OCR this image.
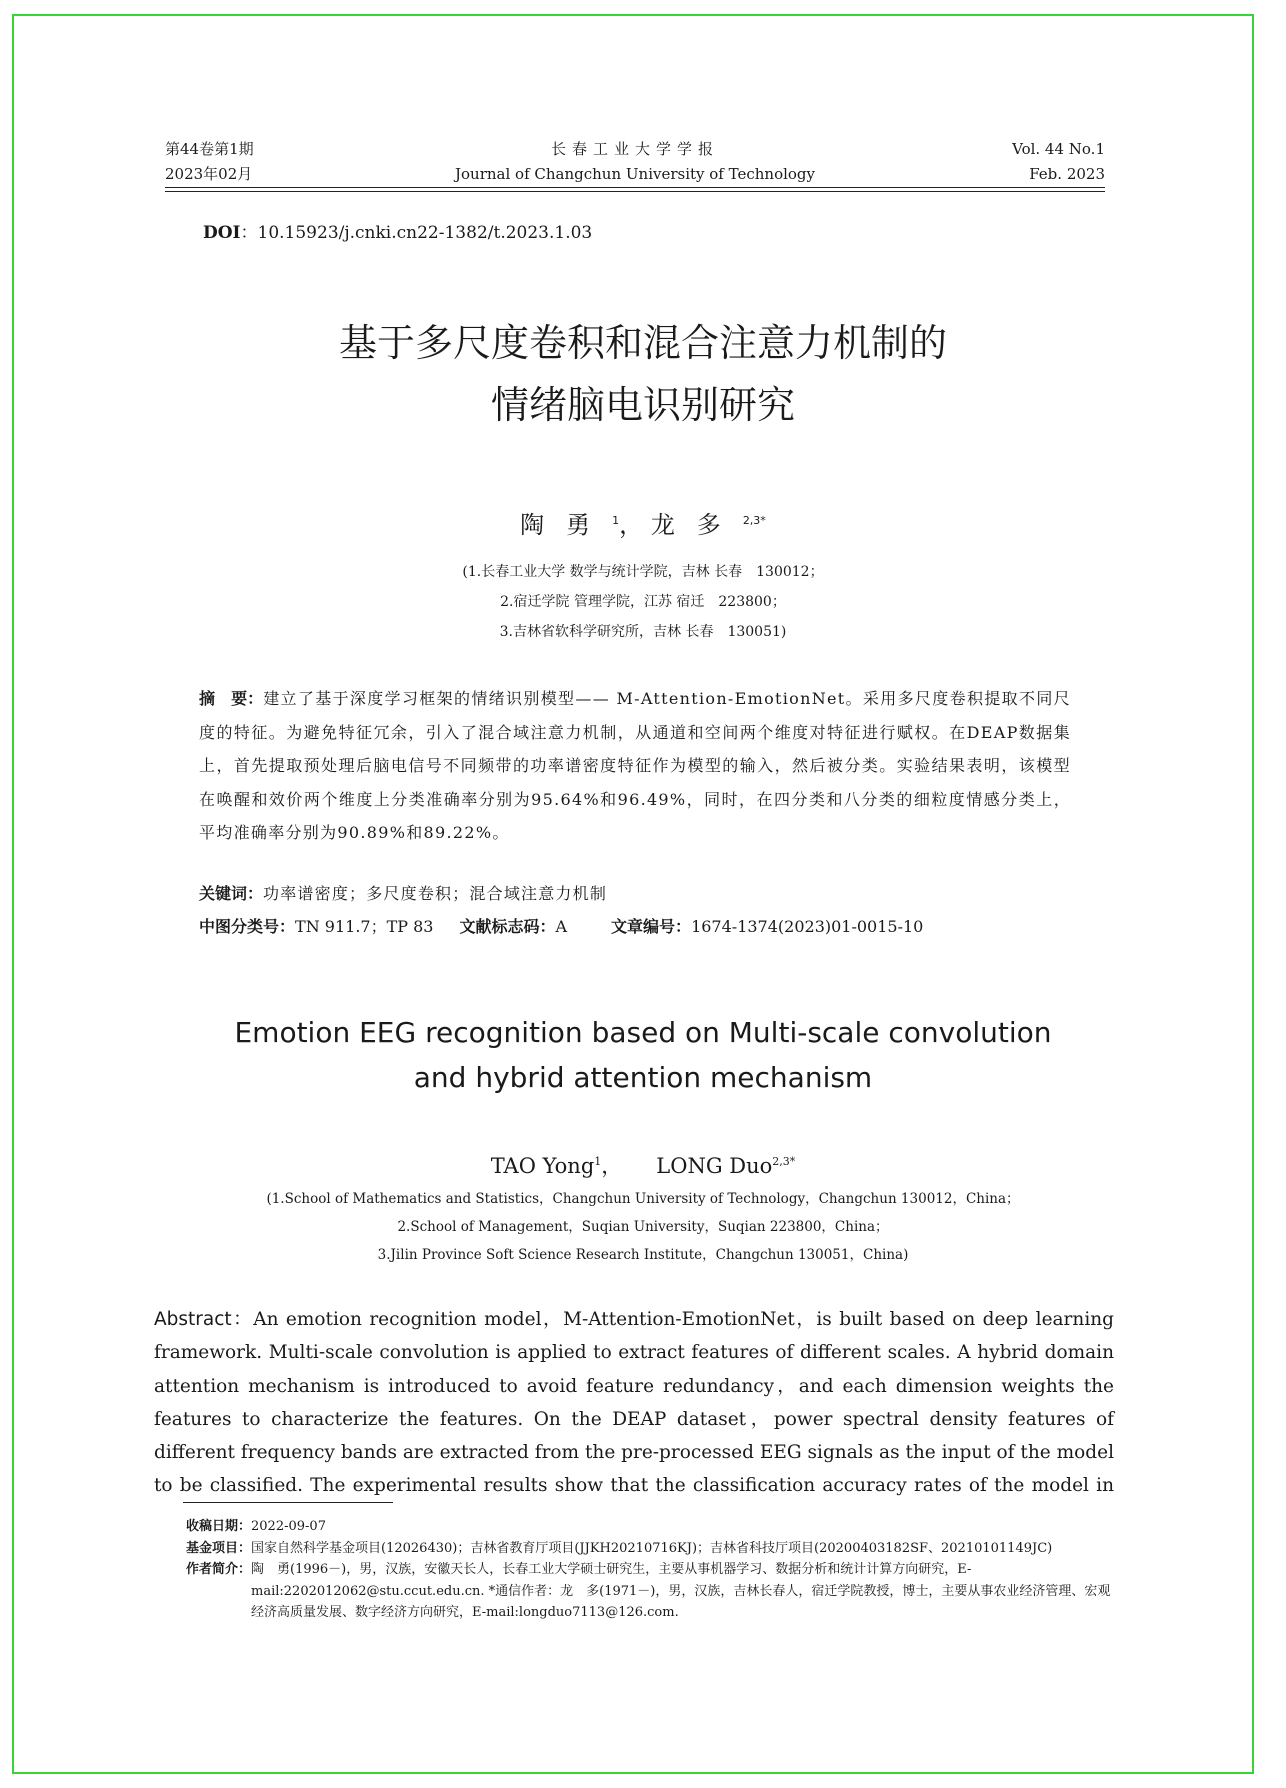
第44卷第1期
2023年02月
长春工业大学学报
Journal of Changchun University of Technology
Vol. 44 No.1
Feb. 2023
DOI：10.15923/j.cnki.cn22-1382/t.2023.1.03
基于多尺度卷积和混合注意力机制的
情绪脑电识别研究
陶勇$^1$， 龙多$^{2,3*}$
(1.长春工业大学 数学与统计学院，吉林 长春　130012；
2.宿迁学院 管理学院，江苏 宿迁　223800；
3.吉林省软科学研究所，吉林 长春　130051)
摘　要：建立了基于深度学习框架的情绪识别模型—— M-Attention-EmotionNet。采用多尺度卷积提取不同尺度的特征。为避免特征冗余，引入了混合域注意力机制，从通道和空间两个维度对特征进行赋权。在DEAP数据集上，首先提取预处理后脑电信号不同频带的功率谱密度特征作为模型的输入，然后被分类。实验结果表明，该模型在唤醒和效价两个维度上分类准确率分别为95.64%和96.49%，同时，在四分类和八分类的细粒度情感分类上，平均准确率分别为90.89%和89.22%。
关键词：功率谱密度；多尺度卷积；混合域注意力机制
中图分类号：TN 911.7；TP 83 文献标志码：A	文章编号：1674-1374(2023)01-0015-10
Emotion EEG recognition based on Multi-scale convolution
and hybrid attention mechanism
TAO Yong$^1$， LONG Duo$^{2,3*}$
(1.School of Mathematics and Statistics，Changchun University of Technology，Changchun 130012，China；
2.School of Management，Suqian University，Suqian 223800，China；
3.Jilin Province Soft Science Research Institute，Changchun 130051，China)
Abstract：An emotion recognition model，M-Attention-EmotionNet，is built based on deep learning framework. Multi-scale convolution is applied to extract features of different scales. A hybrid domain attention mechanism is introduced to avoid feature redundancy，and each dimension weights the features to characterize the features. On the DEAP dataset，power spectral density features of different frequency bands are extracted from the pre-processed EEG signals as the input of the model to be classified. The experimental results show that the classification accuracy rates of the model in
收稿日期： 2022-09-07
基金项目： 国家自然科学基金项目(12026430)；吉林省教育厅项目(JJKH20210716KJ)；吉林省科技厅项目(20200403182SF、20210101149JC)
作者简介： 陶　勇(1996－)，男，汉族，安徽天长人，长春工业大学硕士研究生，主要从事机器学习、数据分析和统计计算方向研究，E-mail:2202012062@stu.ccut.edu.cn. *通信作者：龙　多(1971－)，男，汉族，吉林长春人，宿迁学院教授，博士，主要从事农业经济管理、宏观经济高质量发展、数字经济方向研究，E-mail:longduo7113@126.com.
